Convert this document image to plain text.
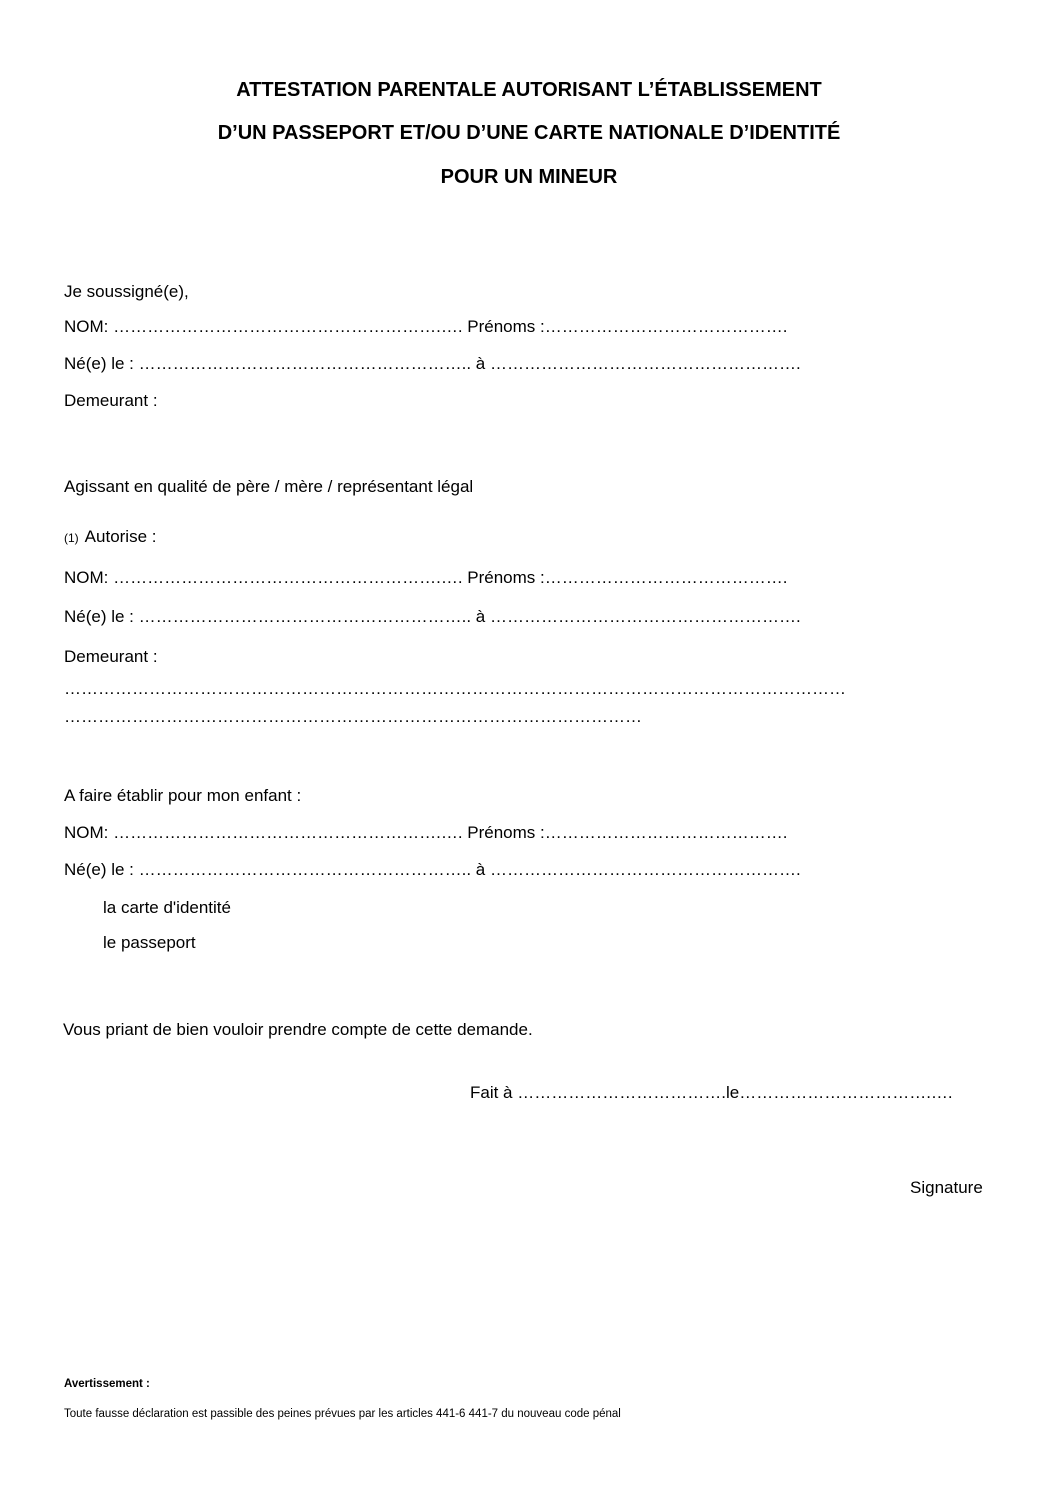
ATTESTATION PARENTALE AUTORISANT L’ÉTABLISSEMENT
D’UN PASSEPORT ET/OU D’UNE CARTE NATIONALE D’IDENTITÉ
POUR UN MINEUR
Je soussigné(e),
NOM: ………………………………………………….…. Prénoms :…………………………………….
Né(e) le : ………………………………………………….. à ……………………………………………….
Demeurant :
Agissant en qualité de père / mère / représentant légal
(1) Autorise :
NOM: ………………………………………………….…. Prénoms :…………………………………….
Né(e) le : ………………………………………………….. à ……………………………………………….
Demeurant :
…………………………………………………………………………………………………………………………
…………………………………………………………………………………………
A faire établir pour mon enfant :
NOM: ………………………………………………….…. Prénoms :…………………………………….
Né(e) le : ………………………………………………….. à ……………………………………………….
la carte d'identité
le passeport
Vous priant de bien vouloir prendre compte de cette demande.
Fait à ……………………………….le…………………………….….
Signature
Avertissement :
Toute fausse déclaration est passible des peines prévues par les articles 441-6 441-7 du nouveau code pénal
